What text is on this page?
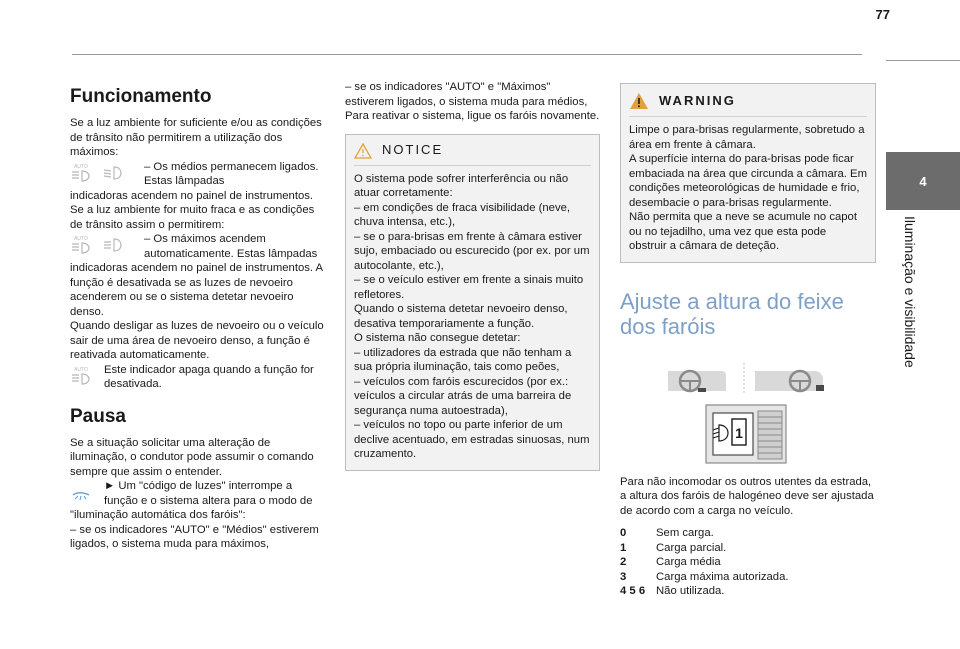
77
4
Iluminação e visibilidade
Funcionamento

Se a luz ambiente for suficiente e/ou as condições de trânsito não permitirem a utilização dos máximos:

AUTO	– Os médios permanecem ligados. Estas lâmpadas

indicadoras acendem no painel de instrumentos. Se a luz ambiente for muito fraca e as condições de trânsito assim o permitirem:

AUTO	– Os máximos acendem automaticamente. Estas lâmpadas

indicadoras acendem no painel de instrumentos. A função é desativada se as luzes de nevoeiro acenderem ou se o sistema detetar nevoeiro denso.

Quando desligar as luzes de nevoeiro ou o veículo sair de uma área de nevoeiro denso, a função é reativada automaticamente.

AUTO Este indicador apaga quando a função for desativada.

Pausa

Se a situação solicitar uma alteração de iluminação, o condutor pode assumir o comando sempre que assim o entender.

► Um "código de luzes" interrompe a função e o sistema altera para o modo de

"iluminação automática dos faróis":

– se os indicadores "AUTO" e "Médios" estiverem ligados, o sistema muda para máximos,

– se os indicadores "AUTO" e "Máximos" estiverem ligados, o sistema muda para médios,

Para reativar o sistema, ligue os faróis novamente.

NOTICE

O sistema pode sofrer interferência ou não atuar corretamente:

– em condições de fraca visibilidade (neve, chuva intensa, etc.),

– se o para-brisas em frente à câmara estiver sujo, embaciado ou escurecido (por ex. por um autocolante, etc.),

– se o veículo estiver em frente a sinais muito refletores.

Quando o sistema detetar nevoeiro denso, desativa temporariamente a função.

O sistema não consegue detetar:

– utilizadores da estrada que não tenham a sua própria iluminação, tais como peões,

– veículos com faróis escurecidos (por ex.: veículos a circular atrás de uma barreira de segurança numa autoestrada),

– veículos no topo ou parte inferior de um declive acentuado, em estradas sinuosas, num cruzamento.

WARNING

Limpe o para-brisas regularmente, sobretudo a área em frente à câmara.

A superfície interna do para-brisas pode ficar embaciada na área que circunda a câmara. Em condições meteorológicas de humidade e frio, desembacie o para-brisas regularmente.

Não permita que a neve se acumule no capot ou no tejadilho, uma vez que esta pode obstruir a câmara de deteção.

Ajuste a altura do feixe dos faróis
1

Para não incomodar os outros utentes da estrada, a altura dos faróis de halogéneo deve ser ajustada de acordo com a carga no veículo.

0	Sem carga.
1	Carga parcial.
2	Carga média
3	Carga máxima autorizada.
4 5 6 Não utilizada.
